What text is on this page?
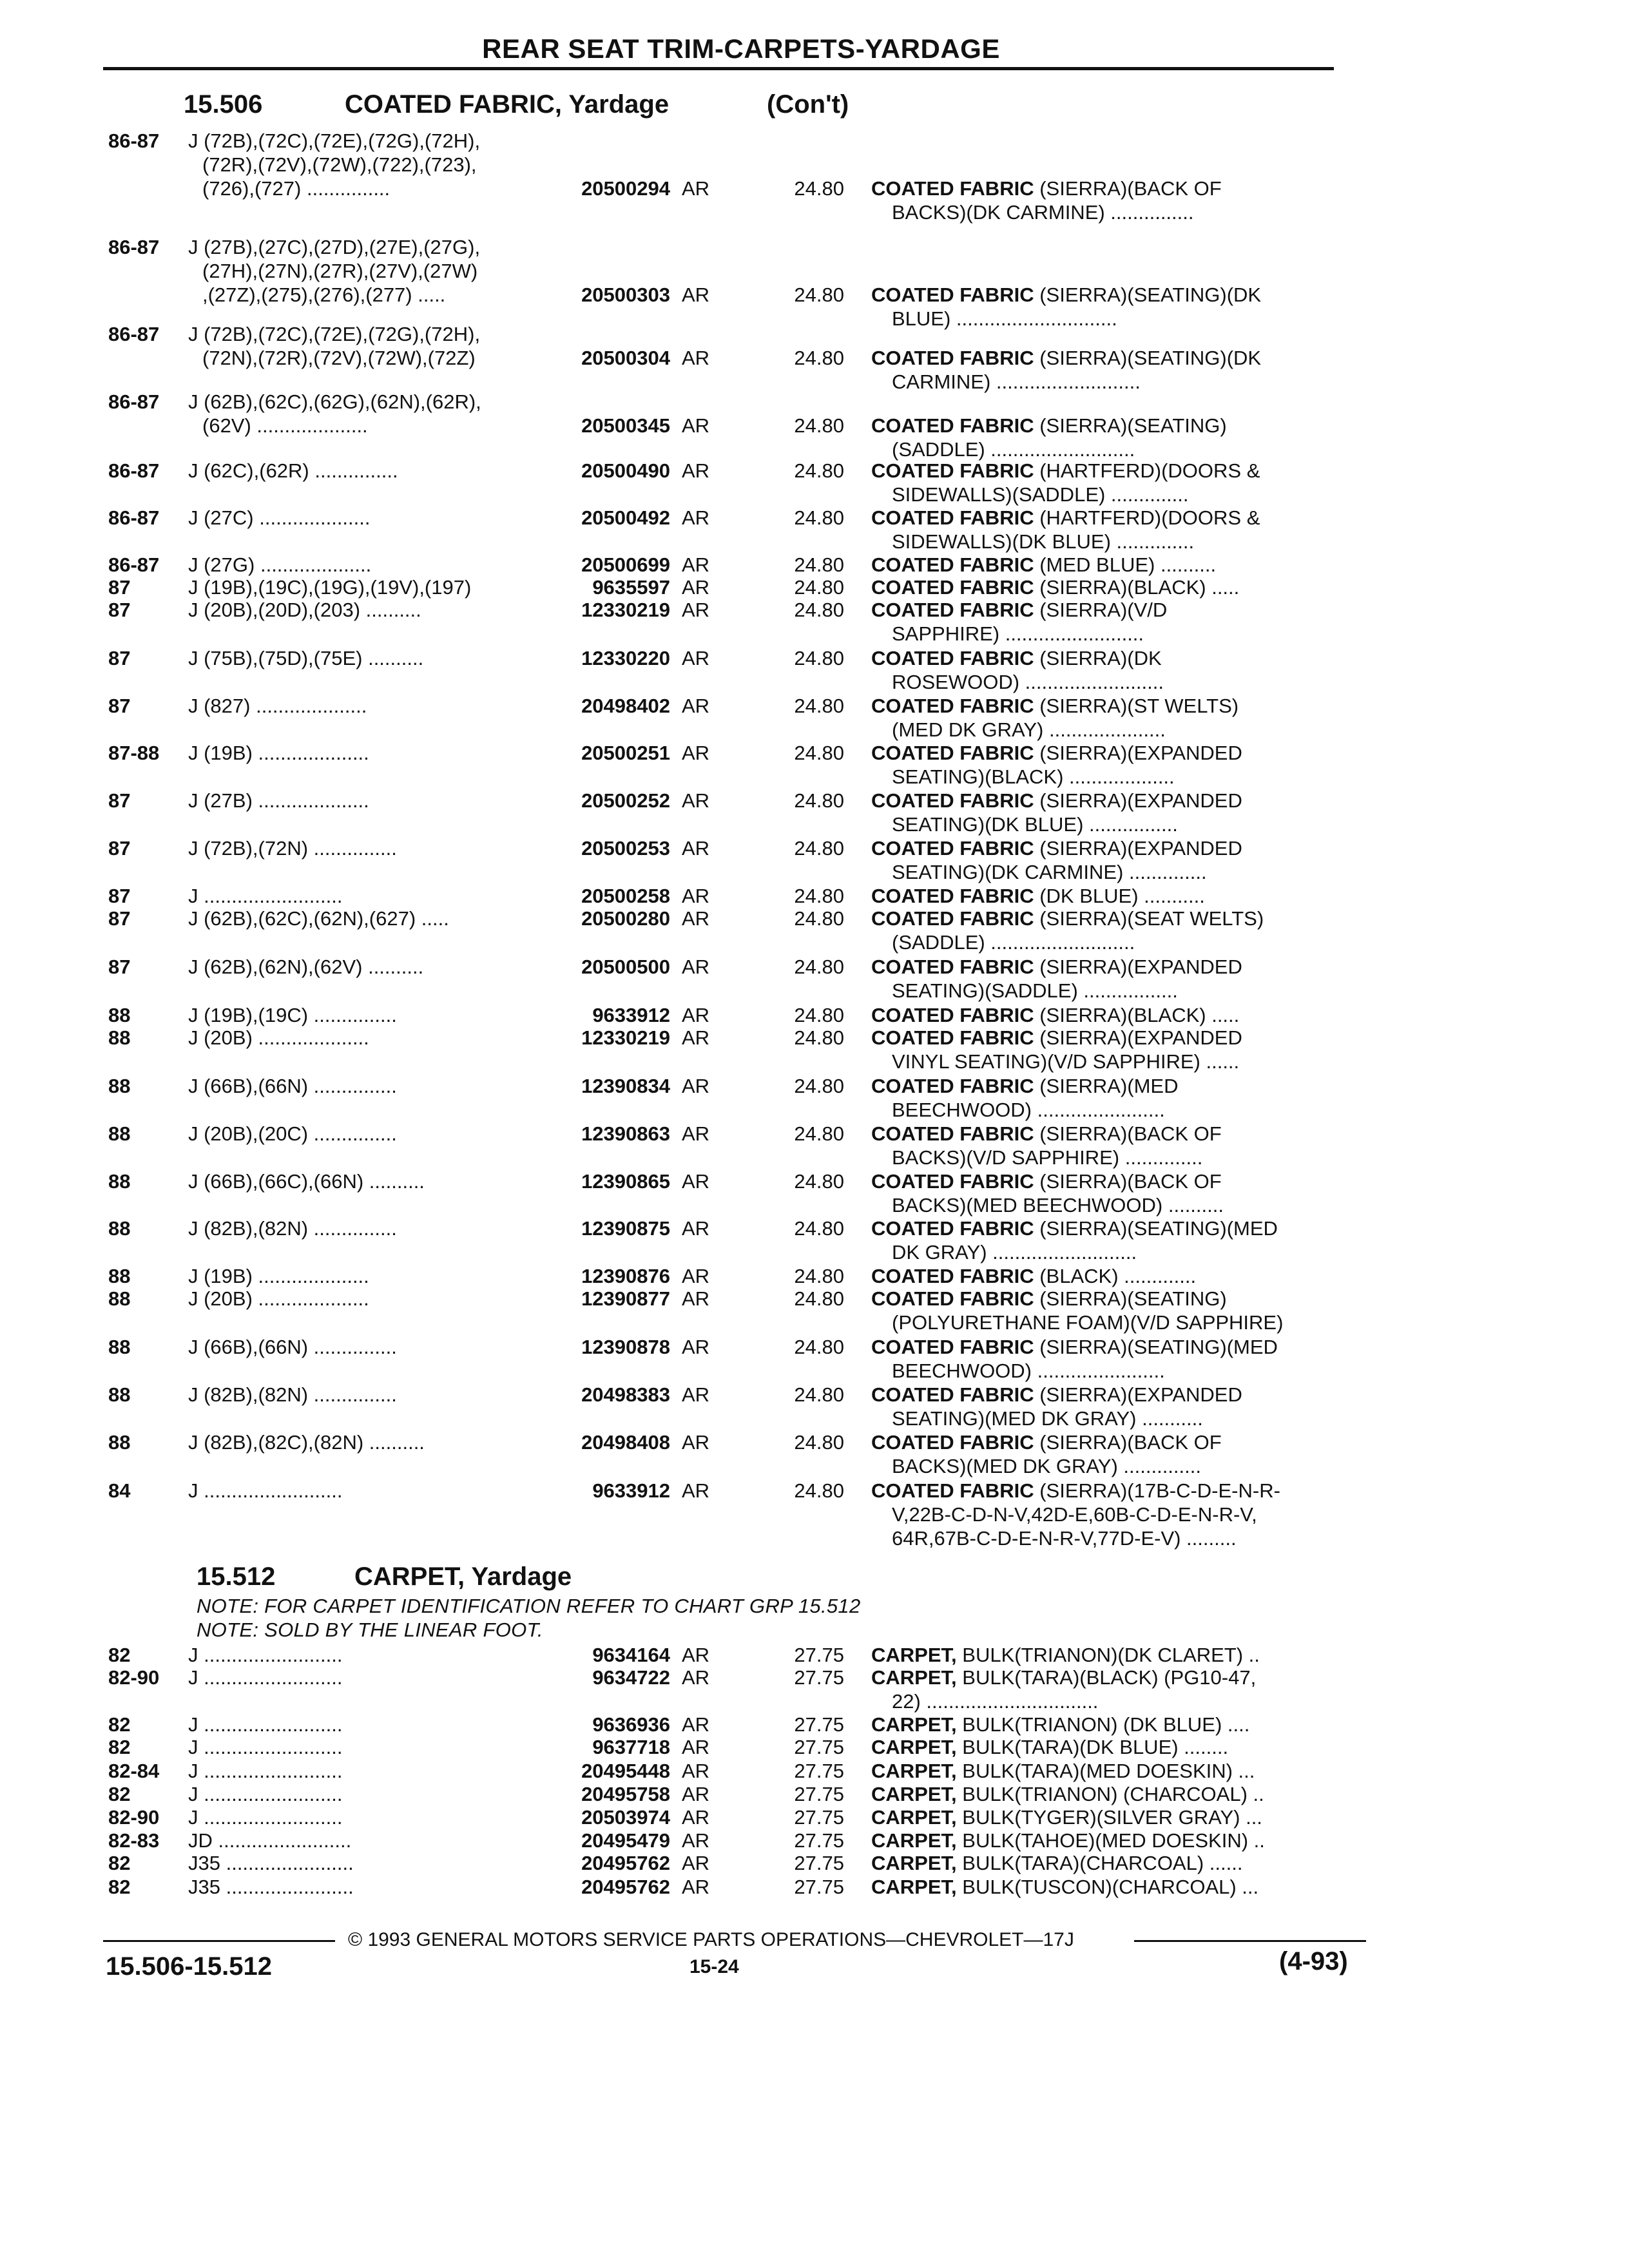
REAR SEAT TRIM-CARPETS-YARDAGE
15.506	COATED FABRIC, Yardage	(Con't)
86-87 J (72B),(72C),(72E),(72G),(72H),
(72R),(72V),(72W),(722),(723),
(726),(727) ...............	20500294 AR	24.80 COATED FABRIC (SIERRA)(BACK OF
BACKS)(DK CARMINE) ...............
86-87 J (27B),(27C),(27D),(27E),(27G),
(27H),(27N),(27R),(27V),(27W)
,(27Z),(275),(276),(277) .....	20500303 AR	24.80 COATED FABRIC (SIERRA)(SEATING)(DK
BLUE) .............................
86-87 J (72B),(72C),(72E),(72G),(72H),
(72N),(72R),(72V),(72W),(72Z)	20500304 AR	24.80 COATED FABRIC (SIERRA)(SEATING)(DK
CARMINE) ..........................
86-87 J (62B),(62C),(62G),(62N),(62R),
(62V) ....................	20500345 AR	24.80 COATED FABRIC (SIERRA)(SEATING)
(SADDLE) ..........................
86-87 J (62C),(62R) ...............	20500490 AR	24.80 COATED FABRIC (HARTFERD)(DOORS &
SIDEWALLS)(SADDLE) ..............
86-87 J (27C) ....................	20500492 AR	24.80 COATED FABRIC (HARTFERD)(DOORS &
SIDEWALLS)(DK BLUE) ..............
86-87 J (27G) ....................	20500699 AR	24.80 COATED FABRIC (MED BLUE) ..........
87	J (19B),(19C),(19G),(19V),(197)	9635597 AR	24.80 COATED FABRIC (SIERRA)(BLACK) .....
87	J (20B),(20D),(203) ..........	12330219 AR	24.80 COATED FABRIC (SIERRA)(V/D
SAPPHIRE) .........................
87	J (75B),(75D),(75E) ..........	12330220 AR	24.80 COATED FABRIC (SIERRA)(DK
ROSEWOOD) .........................
87	J (827) ....................	20498402 AR	24.80 COATED FABRIC (SIERRA)(ST WELTS)
(MED DK GRAY) .....................
87-88 J (19B) ....................	20500251 AR	24.80 COATED FABRIC (SIERRA)(EXPANDED
SEATING)(BLACK) ...................
87	J (27B) ....................	20500252 AR	24.80 COATED FABRIC (SIERRA)(EXPANDED
SEATING)(DK BLUE) ................
87	J (72B),(72N) ...............	20500253 AR	24.80 COATED FABRIC (SIERRA)(EXPANDED
SEATING)(DK CARMINE) ..............
87	J .........................	20500258 AR	24.80 COATED FABRIC (DK BLUE) ...........
87	J (62B),(62C),(62N),(627) .....	20500280 AR	24.80 COATED FABRIC (SIERRA)(SEAT WELTS)
(SADDLE) ..........................
87	J (62B),(62N),(62V) ..........	20500500 AR	24.80 COATED FABRIC (SIERRA)(EXPANDED
SEATING)(SADDLE) .................
88	J (19B),(19C) ...............	9633912 AR	24.80 COATED FABRIC (SIERRA)(BLACK) .....
88	J (20B) ....................	12330219 AR	24.80 COATED FABRIC (SIERRA)(EXPANDED
VINYL SEATING)(V/D SAPPHIRE) ......
88	J (66B),(66N) ...............	12390834 AR	24.80 COATED FABRIC (SIERRA)(MED
BEECHWOOD) .......................
88	J (20B),(20C) ...............	12390863 AR	24.80 COATED FABRIC (SIERRA)(BACK OF
BACKS)(V/D SAPPHIRE) ..............
88	J (66B),(66C),(66N) ..........	12390865 AR	24.80 COATED FABRIC (SIERRA)(BACK OF
BACKS)(MED BEECHWOOD) ..........
88	J (82B),(82N) ...............	12390875 AR	24.80 COATED FABRIC (SIERRA)(SEATING)(MED
DK GRAY) ..........................
88	J (19B) ....................	12390876 AR	24.80 COATED FABRIC (BLACK) .............
88	J (20B) ....................	12390877 AR	24.80 COATED FABRIC (SIERRA)(SEATING)
(POLYURETHANE FOAM)(V/D SAPPHIRE)
88	J (66B),(66N) ...............	12390878 AR	24.80 COATED FABRIC (SIERRA)(SEATING)(MED
BEECHWOOD) .......................
88	J (82B),(82N) ...............	20498383 AR	24.80 COATED FABRIC (SIERRA)(EXPANDED
SEATING)(MED DK GRAY) ...........
88	J (82B),(82C),(82N) ..........	20498408 AR	24.80 COATED FABRIC (SIERRA)(BACK OF
BACKS)(MED DK GRAY) ..............
84	J .........................	9633912 AR	24.80 COATED FABRIC (SIERRA)(17B-C-D-E-N-R-
V,22B-C-D-N-V,42D-E,60B-C-D-E-N-R-V,
64R,67B-C-D-E-N-R-V,77D-E-V) .........
15.512	CARPET, Yardage
NOTE: FOR CARPET IDENTIFICATION REFER TO CHART GRP 15.512
NOTE: SOLD BY THE LINEAR FOOT.
82	J .........................	9634164 AR	27.75 CARPET, BULK(TRIANON)(DK CLARET) ..
82-90 J .........................	9634722 AR	27.75 CARPET, BULK(TARA)(BLACK) (PG10-47,
22) ...............................
82	J .........................	9636936 AR	27.75 CARPET, BULK(TRIANON) (DK BLUE) ....
82	J .........................	9637718 AR	27.75 CARPET, BULK(TARA)(DK BLUE) ........
82-84 J .........................	20495448 AR	27.75 CARPET, BULK(TARA)(MED DOESKIN) ...
82	J .........................	20495758 AR	27.75 CARPET, BULK(TRIANON) (CHARCOAL) ..
82-90 J .........................	20503974 AR	27.75 CARPET, BULK(TYGER)(SILVER GRAY) ...
82-83 JD ........................	20495479 AR	27.75 CARPET, BULK(TAHOE)(MED DOESKIN) ..
82	J35 .......................	20495762 AR	27.75 CARPET, BULK(TARA)(CHARCOAL) ......
82	J35 .......................	20495762 AR	27.75 CARPET, BULK(TUSCON)(CHARCOAL) ...
© 1993 GENERAL MOTORS SERVICE PARTS OPERATIONS—CHEVROLET—17J
15.506-15.512	15-24	(4-93)
